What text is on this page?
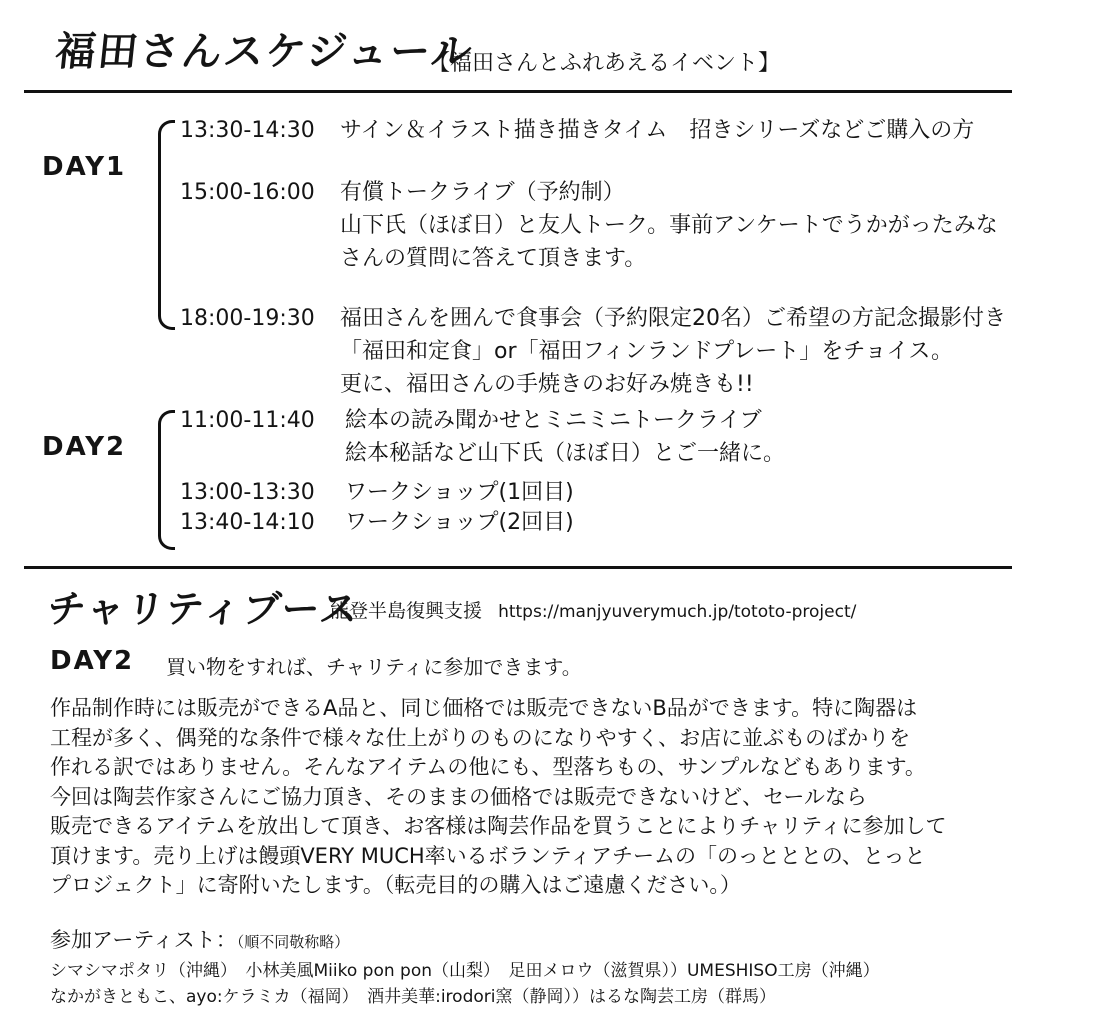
福田さんスケジュール
【福田さんとふれあえるイベント】
DAY1
13:30-14:30 サイン＆イラスト描き描きタイム　招きシリーズなどご購入の方
15:00-16:00 有償トークライブ（予約制）
山下氏（ほぼ日）と友人トーク。事前アンケートでうかがったみな
さんの質問に答えて頂きます。
18:00-19:30 福田さんを囲んで食事会（予約限定20名）ご希望の方記念撮影付き
「福田和定食」or「福田フィンランドプレート」をチョイス。
更に、福田さんの手焼きのお好み焼きも!!
DAY2
11:00-11:40 絵本の読み聞かせとミニミニトークライブ
絵本秘話など山下氏（ほぼ日）とご一緒に。
13:00-13:30 ワークショップ(1回目)
13:40-14:10 ワークショップ(2回目)
チャリティブース
能登半島復興支援 https://manjyuverymuch.jp/tototo-project/
DAY2 買い物をすれば、チャリティに参加できます。
作品制作時には販売ができるA品と、同じ価格では販売できないB品ができます。特に陶器は
工程が多く、偶発的な条件で様々な仕上がりのものになりやすく、お店に並ぶものばかりを
作れる訳ではありません。そんなアイテムの他にも、型落ちもの、サンプルなどもあります。
今回は陶芸作家さんにご協力頂き、そのままの価格では販売できないけど、セールなら
販売できるアイテムを放出して頂き、お客様は陶芸作品を買うことによりチャリティに参加して
頂けます。売り上げは饅頭VERY MUCH率いるボランティアチームの「のっとととの、とっと
プロジェクト」に寄附いたします。（転売目的の購入はご遠慮ください。）
参加アーティスト：（順不同敬称略）
シマシマポタリ（沖縄）　小林美風Miiko pon pon（山梨）　足田メロウ（滋賀県））UMESHISO工房（沖縄）
なかがきともこ、ayo:ケラミカ（福岡）　酒井美華:irodori窯（静岡））はるな陶芸工房（群馬）
